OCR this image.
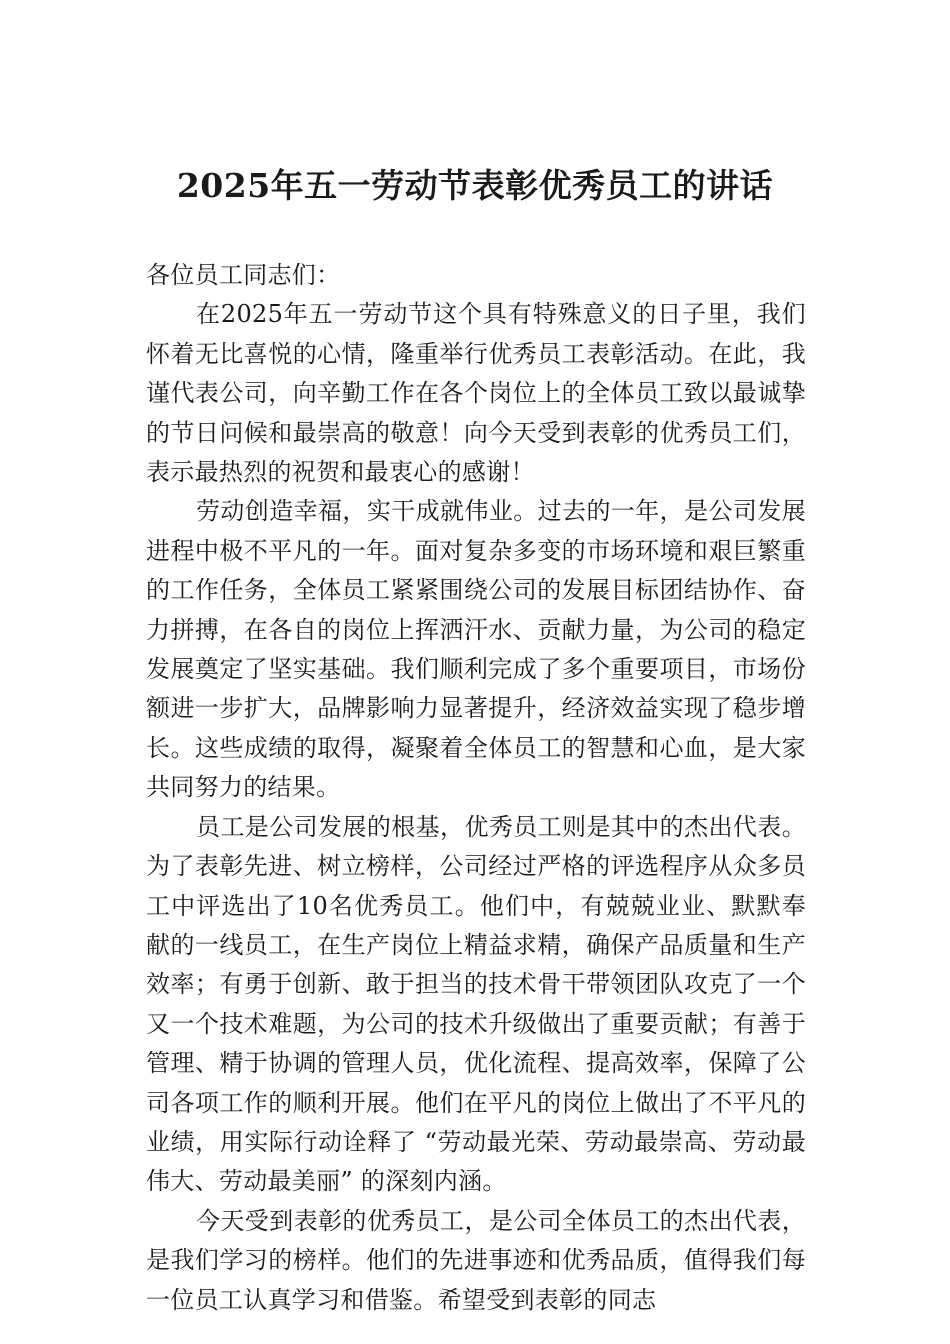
2025年五一劳动节表彰优秀员工的讲话

各位员工同志们：

在2025年五一劳动节这个具有特殊意义的日子里，我们怀着无比喜悦的心情，隆重举行优秀员工表彰活动。在此，我谨代表公司，向辛勤工作在各个岗位上的全体员工致以最诚挚的节日问候和最崇高的敬意！向今天受到表彰的优秀员工们，表示最热烈的祝贺和最衷心的感谢！

劳动创造幸福，实干成就伟业。过去的一年，是公司发展进程中极不平凡的一年。面对复杂多变的市场环境和艰巨繁重的工作任务，全体员工紧紧围绕公司的发展目标团结协作、奋力拼搏，在各自的岗位上挥洒汗水、贡献力量，为公司的稳定发展奠定了坚实基础。我们顺利完成了多个重要项目，市场份额进一步扩大，品牌影响力显著提升，经济效益实现了稳步增长。这些成绩的取得，凝聚着全体员工的智慧和心血，是大家共同努力的结果。

员工是公司发展的根基，优秀员工则是其中的杰出代表。为了表彰先进、树立榜样，公司经过严格的评选程序从众多员工中评选出了10名优秀员工。他们中，有兢兢业业、默默奉献的一线员工，在生产岗位上精益求精，确保产品质量和生产效率；有勇于创新、敢于担当的技术骨干带领团队攻克了一个又一个技术难题，为公司的技术升级做出了重要贡献；有善于管理、精于协调的管理人员，优化流程、提高效率，保障了公司各项工作的顺利开展。他们在平凡的岗位上做出了不平凡的业绩，用实际行动诠释了 “劳动最光荣、劳动最崇高、劳动最伟大、劳动最美丽” 的深刻内涵。

今天受到表彰的优秀员工，是公司全体员工的杰出代表，是我们学习的榜样。他们的先进事迹和优秀品质，值得我们每一位员工认真学习和借鉴。希望受到表彰的同志
